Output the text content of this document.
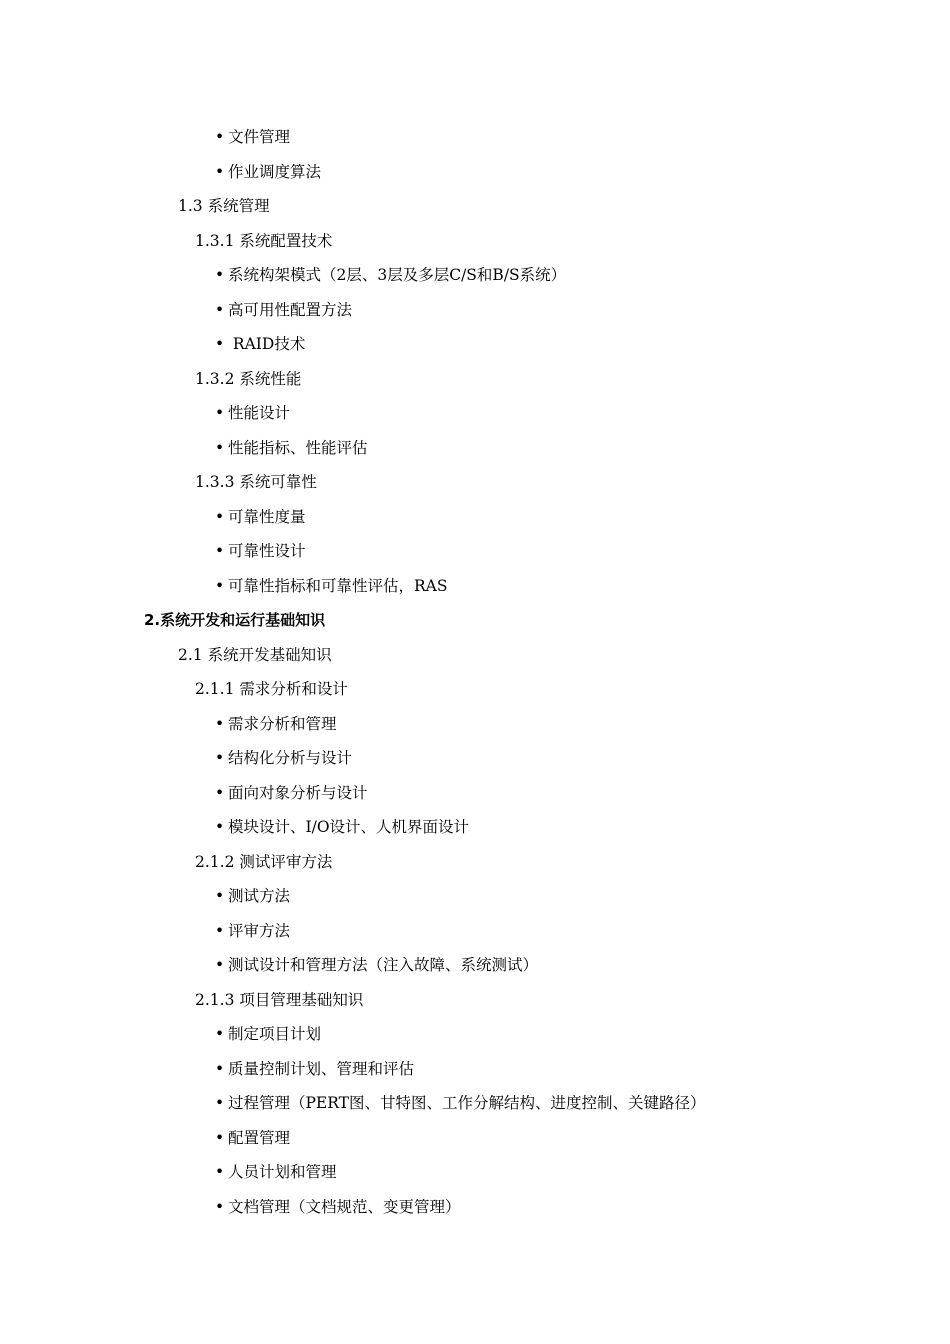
• 文件管理
• 作业调度算法
1.3 系统管理
1.3.1 系统配置技术
• 系统构架模式（2层、3层及多层C/S和B/S系统）
• 高可用性配置方法
• RAID技术
1.3.2 系统性能
• 性能设计
• 性能指标、性能评估
1.3.3 系统可靠性
• 可靠性度量
• 可靠性设计
• 可靠性指标和可靠性评估，RAS
2.系统开发和运行基础知识
2.1 系统开发基础知识
2.1.1 需求分析和设计
• 需求分析和管理
• 结构化分析与设计
• 面向对象分析与设计
• 模块设计、I/O设计、人机界面设计
2.1.2 测试评审方法
• 测试方法
• 评审方法
• 测试设计和管理方法（注入故障、系统测试）
2.1.3 项目管理基础知识
• 制定项目计划
• 质量控制计划、管理和评估
• 过程管理（PERT图、甘特图、工作分解结构、进度控制、关键路径）
• 配置管理
• 人员计划和管理
• 文档管理（文档规范、变更管理）
